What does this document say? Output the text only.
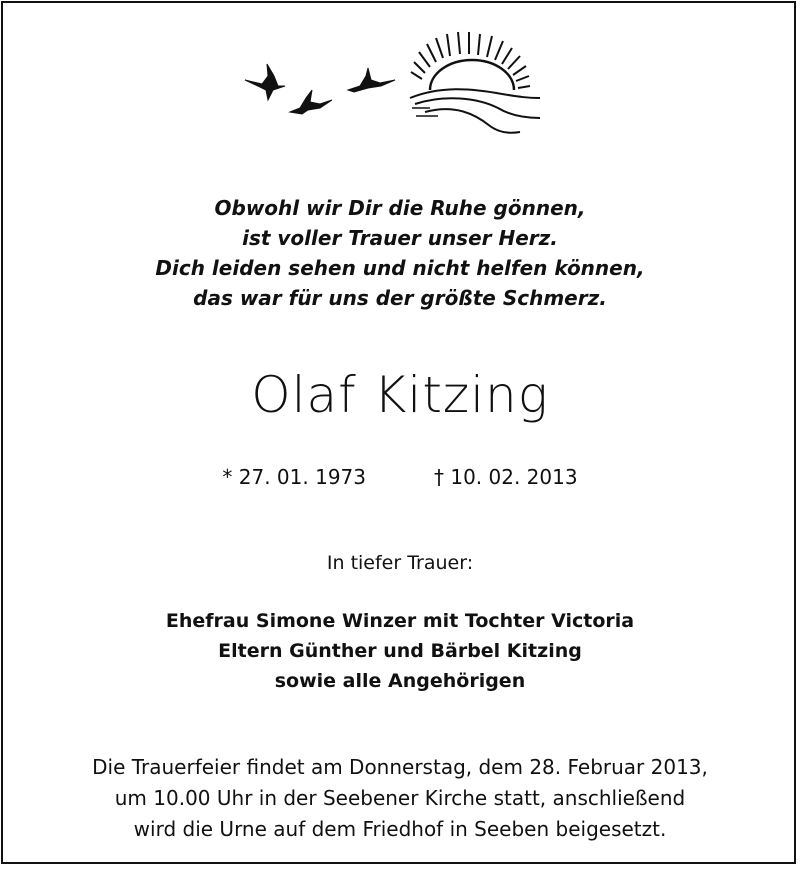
Obwohl wir Dir die Ruhe gönnen,
ist voller Trauer unser Herz.
Dich leiden sehen und nicht helfen können,
das war für uns der größte Schmerz.
Olaf Kitzing
* 27. 01. 1973	† 10. 02. 2013
In tiefer Trauer:
Ehefrau Simone Winzer mit Tochter Victoria
Eltern Günther und Bärbel Kitzing
sowie alle Angehörigen
Die Trauerfeier findet am Donnerstag, dem 28. Februar 2013,
um 10.00 Uhr in der Seebener Kirche statt, anschließend
wird die Urne auf dem Friedhof in Seeben beigesetzt.
